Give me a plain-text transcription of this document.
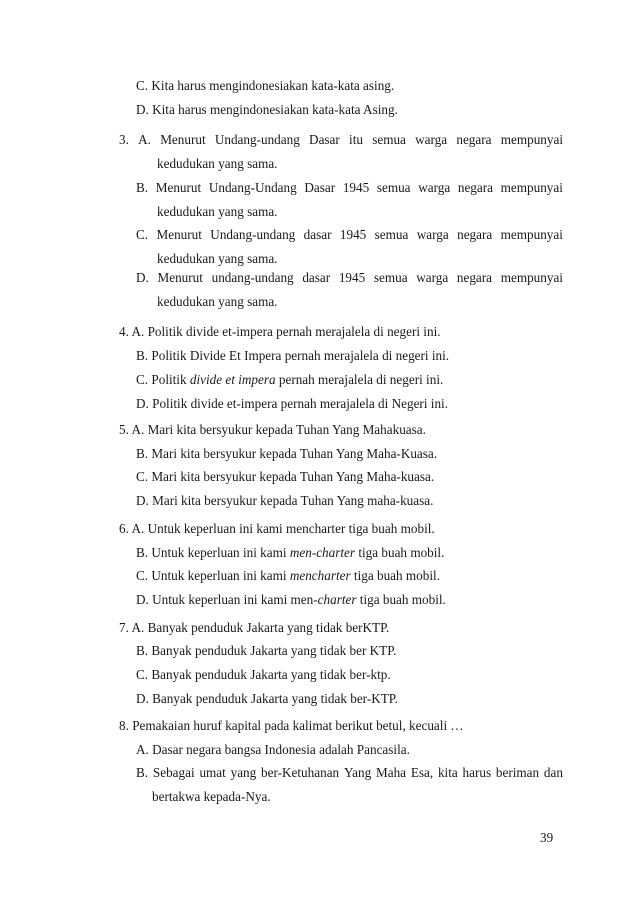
C. Kita harus mengindonesiakan kata-kata asing.
D. Kita harus mengindonesiakan kata-kata Asing.
3. A. Menurut Undang-undang Dasar itu semua warga negara mempunyai
kedudukan yang sama.
B. Menurut Undang-Undang Dasar 1945 semua warga negara mempunyai
kedudukan yang sama.
C. Menurut Undang-undang dasar 1945 semua warga negara mempunyai
kedudukan yang sama.
D. Menurut undang-undang dasar 1945 semua warga negara mempunyai
kedudukan yang sama.
4. A. Politik divide et-impera pernah merajalela di negeri ini.
B. Politik Divide Et Impera pernah merajalela di negeri ini.
C. Politik divide et impera pernah merajalela di negeri ini.
D. Politik divide et-impera pernah merajalela di Negeri ini.
5. A. Mari kita bersyukur kepada Tuhan Yang Mahakuasa.
B. Mari kita bersyukur kepada Tuhan Yang Maha-Kuasa.
C. Mari kita bersyukur kepada Tuhan Yang Maha-kuasa.
D. Mari kita bersyukur kepada Tuhan Yang maha-kuasa.
6. A. Untuk keperluan ini kami mencharter tiga buah mobil.
B. Untuk keperluan ini kami men-charter tiga buah mobil.
C. Untuk keperluan ini kami mencharter tiga buah mobil.
D. Untuk keperluan ini kami men-charter tiga buah mobil.
7. A. Banyak penduduk Jakarta yang tidak berKTP.
B. Banyak penduduk Jakarta yang tidak ber KTP.
C. Banyak penduduk Jakarta yang tidak ber-ktp.
D. Banyak penduduk Jakarta yang tidak ber-KTP.
8. Pemakaian huruf kapital pada kalimat berikut betul, kecuali …
A. Dasar negara bangsa Indonesia adalah Pancasila.
B. Sebagai umat yang ber-Ketuhanan Yang Maha Esa, kita harus beriman dan
bertakwa kepada-Nya.
39
